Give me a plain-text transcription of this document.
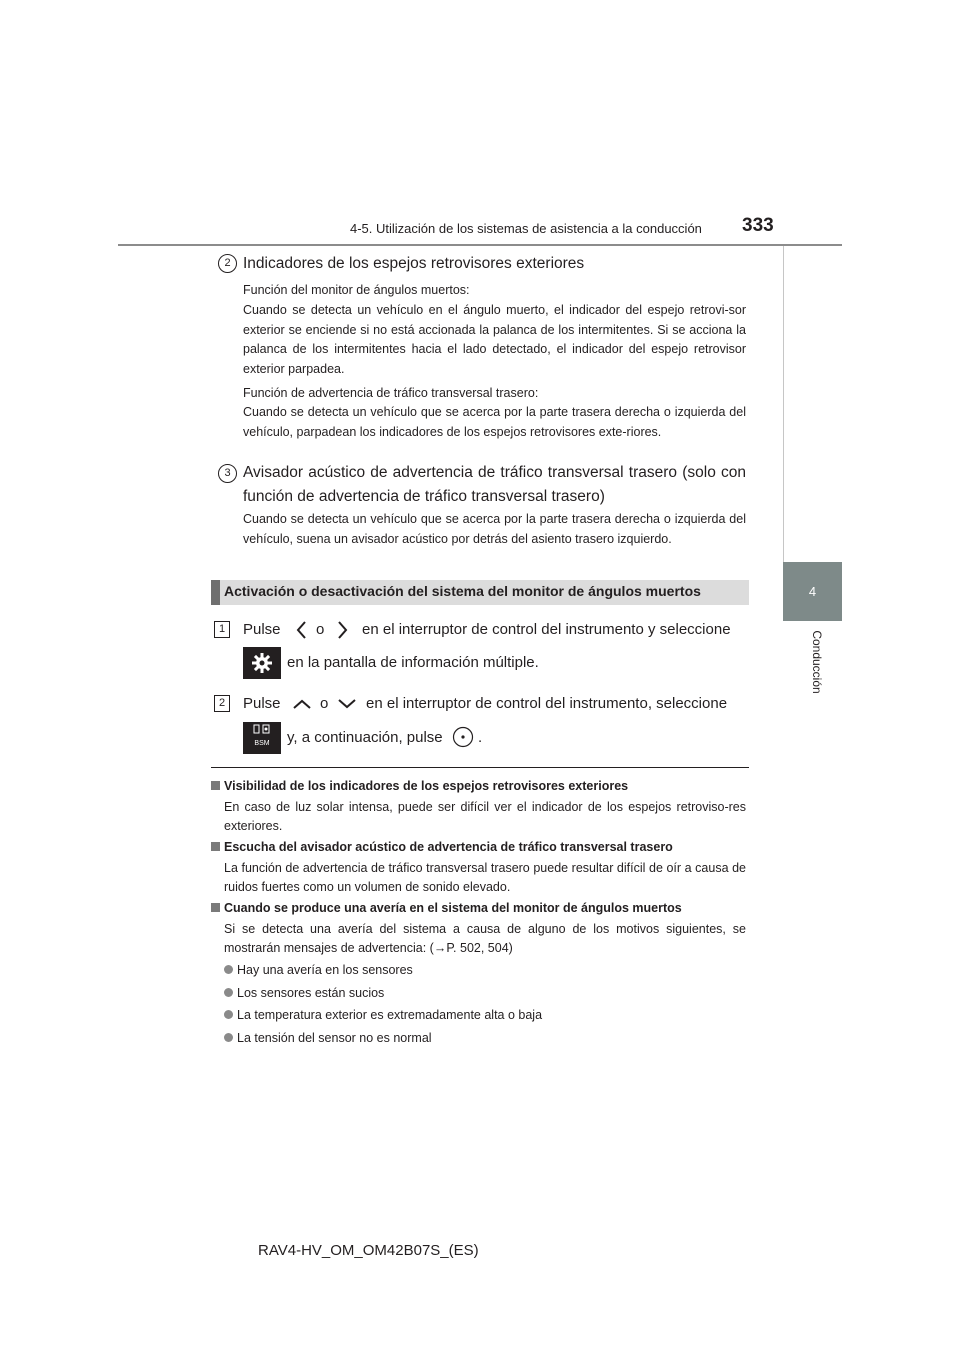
4-5. Utilización de los sistemas de asistencia a la conducción 333
4
Conducción
2 Indicadores de los espejos retrovisores exteriores
Función del monitor de ángulos muertos:
Cuando se detecta un vehículo en el ángulo muerto, el indicador del espejo retrovi-sor exterior se enciende si no está accionada la palanca de los intermitentes. Si se acciona la palanca de los intermitentes hacia el lado detectado, el indicador del espejo retrovisor exterior parpadea.
Función de advertencia de tráfico transversal trasero:
Cuando se detecta un vehículo que se acerca por la parte trasera derecha o izquierda del vehículo, parpadean los indicadores de los espejos retrovisores exte-riores.
3 Avisador acústico de advertencia de tráfico transversal trasero (solo con función de advertencia de tráfico transversal trasero)
Cuando se detecta un vehículo que se acerca por la parte trasera derecha o izquierda del vehículo, suena un avisador acústico por detrás del asiento trasero izquierdo.
Activación o desactivación del sistema del monitor de ángulos muertos
1	Pulse o	en el interruptor de control del instrumento y seleccione
en la pantalla de información múltiple.
2	Pulse	o	en el interruptor de control del instrumento, seleccione
BSM	y, a continuación, pulse .
Visibilidad de los indicadores de los espejos retrovisores exteriores
En caso de luz solar intensa, puede ser difícil ver el indicador de los espejos retroviso-res exteriores.
Escucha del avisador acústico de advertencia de tráfico transversal trasero
La función de advertencia de tráfico transversal trasero puede resultar difícil de oír a causa de ruidos fuertes como un volumen de sonido elevado.
Cuando se produce una avería en el sistema del monitor de ángulos muertos
Si se detecta una avería del sistema a causa de alguno de los motivos siguientes, se mostrarán mensajes de advertencia: (→P. 502, 504)
Hay una avería en los sensores
Los sensores están sucios
La temperatura exterior es extremadamente alta o baja
La tensión del sensor no es normal
RAV4-HV_OM_OM42B07S_(ES)
